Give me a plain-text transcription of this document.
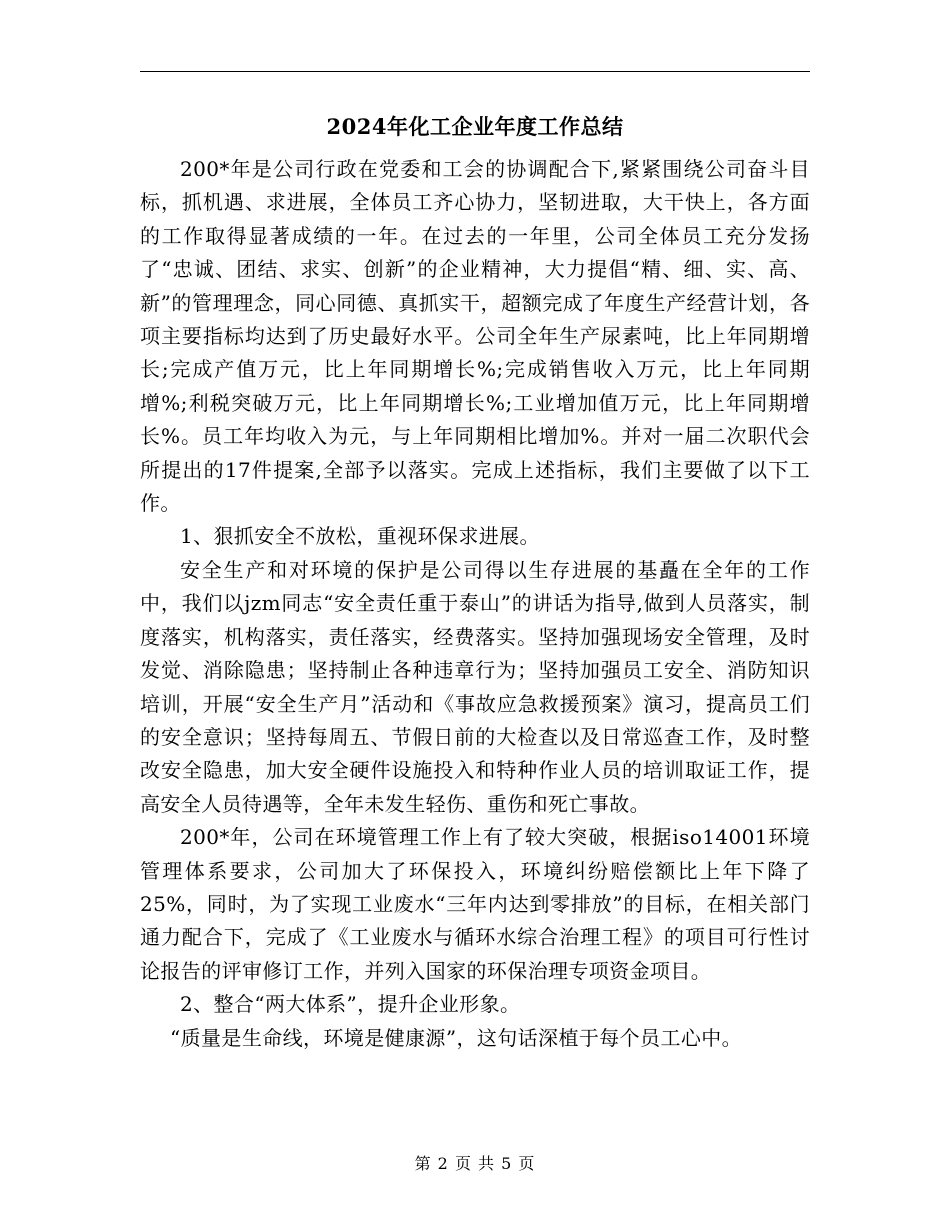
2024年化工企业年度工作总结

200*年是公司行政在党委和工会的协调配合下,紧紧围绕公司奋斗目标，抓机遇、求进展，全体员工齐心协力，坚韧进取，大干快上，各方面的工作取得显著成绩的一年。在过去的一年里，公司全体员工充分发扬了“忠诚、团结、求实、创新”的企业精神，大力提倡“精、细、实、高、新”的管理理念，同心同德、真抓实干，超额完成了年度生产经营计划，各项主要指标均达到了历史最好水平。公司全年生产尿素吨，比上年同期增长;完成产值万元，比上年同期增长%;完成销售收入万元，比上年同期增%;利税突破万元，比上年同期增长%;工业增加值万元，比上年同期增长%。员工年均收入为元，与上年同期相比增加%。并对一届二次职代会所提出的17件提案,全部予以落实。完成上述指标，我们主要做了以下工作。

1、狠抓安全不放松，重视环保求进展。

安全生产和对环境的保护是公司得以生存进展的基矗在全年的工作中，我们以jzm同志“安全责任重于泰山”的讲话为指导,做到人员落实，制度落实，机构落实，责任落实，经费落实。坚持加强现场安全管理，及时发觉、消除隐患；坚持制止各种违章行为；坚持加强员工安全、消防知识培训，开展“安全生产月”活动和《事故应急救援预案》演习，提高员工们的安全意识；坚持每周五、节假日前的大检查以及日常巡查工作，及时整改安全隐患，加大安全硬件设施投入和特种作业人员的培训取证工作，提高安全人员待遇等，全年未发生轻伤、重伤和死亡事故。

200*年，公司在环境管理工作上有了较大突破，根据iso14001环境管理体系要求，公司加大了环保投入，环境纠纷赔偿额比上年下降了25%，同时，为了实现工业废水“三年内达到零排放”的目标，在相关部门通力配合下，完成了《工业废水与循环水综合治理工程》的项目可行性讨论报告的评审修订工作，并列入国家的环保治理专项资金项目。

2、整合“两大体系”，提升企业形象。

“质量是生命线，环境是健康源”，这句话深植于每个员工心中。

第 2 页 共 5 页
